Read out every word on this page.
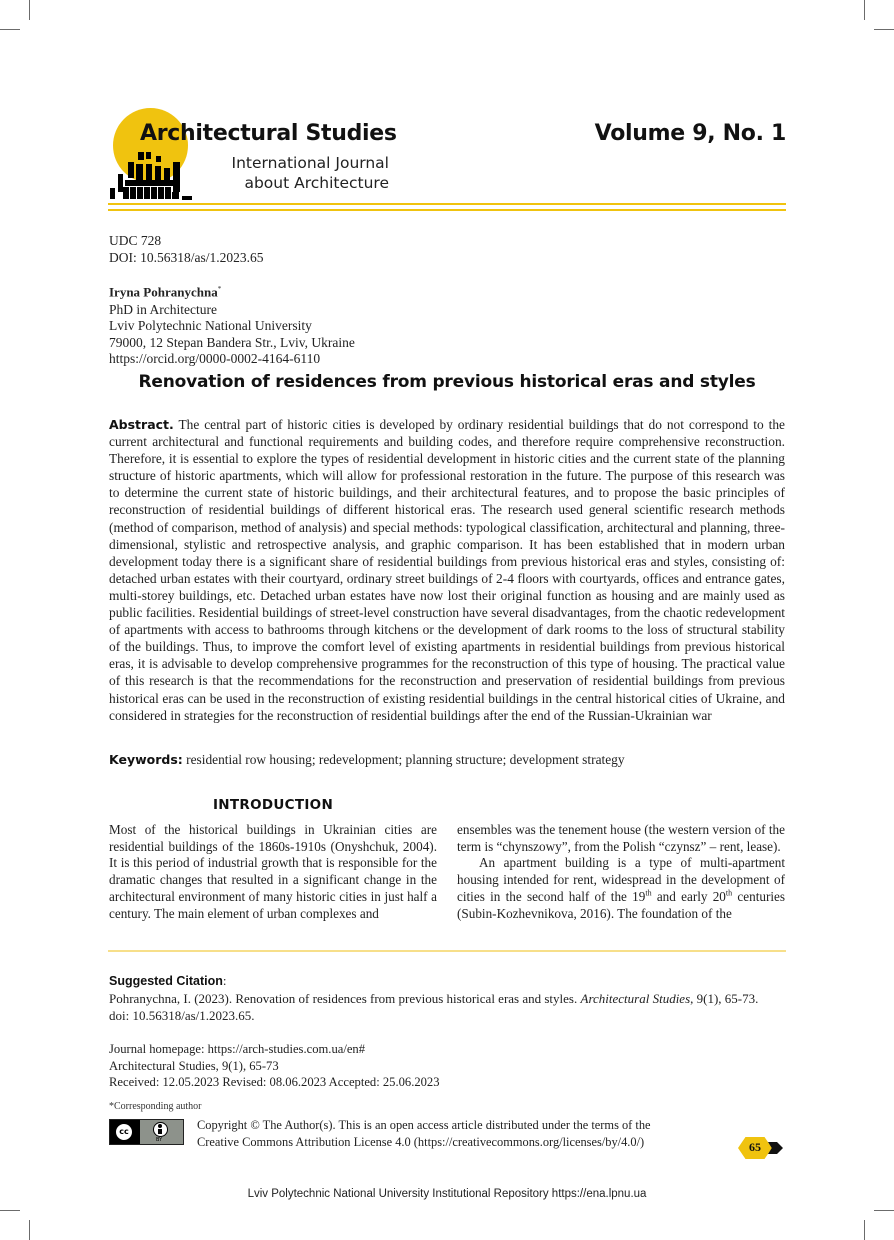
Architectural Studies
International Journal
about Architecture
Volume 9, No. 1
UDC 728
DOI: 10.56318/as/1.2023.65
Iryna Pohranychna*
PhD in Architecture
Lviv Polytechnic National University
79000, 12 Stepan Bandera Str., Lviv, Ukraine
https://orcid.org/0000-0002-4164-6110
Renovation of residences from previous historical eras and styles
Abstract. The central part of historic cities is developed by ordinary residential buildings that do not correspond to the current architectural and functional requirements and building codes, and therefore require comprehensive reconstruction. Therefore, it is essential to explore the types of residential development in historic cities and the current state of the planning structure of historic apartments, which will allow for professional restoration in the future. The purpose of this research was to determine the current state of historic buildings, and their architectural features, and to propose the basic principles of reconstruction of residential buildings of different historical eras. The research used general scientific research methods (method of comparison, method of analysis) and special methods: typological classification, architectural and planning, three-dimensional, stylistic and retrospective analysis, and graphic comparison. It has been established that in modern urban development today there is a significant share of residential buildings from previous historical eras and styles, consisting of: detached urban estates with their courtyard, ordinary street buildings of 2-4 floors with courtyards, offices and entrance gates, multi-storey buildings, etc. Detached urban estates have now lost their original function as housing and are mainly used as public facilities. Residential buildings of street-level construction have several disadvantages, from the chaotic redevelopment of apartments with access to bathrooms through kitchens or the development of dark rooms to the loss of structural stability of the buildings. Thus, to improve the comfort level of existing apartments in residential buildings from previous historical eras, it is advisable to develop comprehensive programmes for the reconstruction of this type of housing. The practical value of this research is that the recommendations for the reconstruction and preservation of residential buildings from previous historical eras can be used in the reconstruction of existing residential buildings in the central historical cities of Ukraine, and considered in strategies for the reconstruction of residential buildings after the end of the Russian-Ukrainian war
Keywords: residential row housing; redevelopment; planning structure; development strategy
INTRODUCTION
Most of the historical buildings in Ukrainian cities are residential buildings of the 1860s-1910s (Onyshchuk, 2004). It is this period of industrial growth that is responsible for the dramatic changes that resulted in a significant change in the architectural environment of many historic cities in just half a century. The main element of urban complexes and
ensembles was the tenement house (the western version of the term is “chynszowy”, from the Polish “czynsz” – rent, lease).
An apartment building is a type of multi-apartment housing intended for rent, widespread in the development of cities in the second half of the 19th and early 20th centuries (Subin-Kozhevnikova, 2016). The foundation of the
Suggested Citation:
Pohranychna, I. (2023). Renovation of residences from previous historical eras and styles. Architectural Studies, 9(1), 65-73.
doi: 10.56318/as/1.2023.65.
Journal homepage: https://arch-studies.com.ua/en#
Architectural Studies, 9(1), 65-73
Received: 12.05.2023 Revised: 08.06.2023 Accepted: 25.06.2023
*Corresponding author
cc
BY
Copyright © The Author(s). This is an open access article distributed under the terms of the
Creative Commons Attribution License 4.0 (https://creativecommons.org/licenses/by/4.0/)	65
Lviv Polytechnic National University Institutional Repository https://ena.lpnu.ua
